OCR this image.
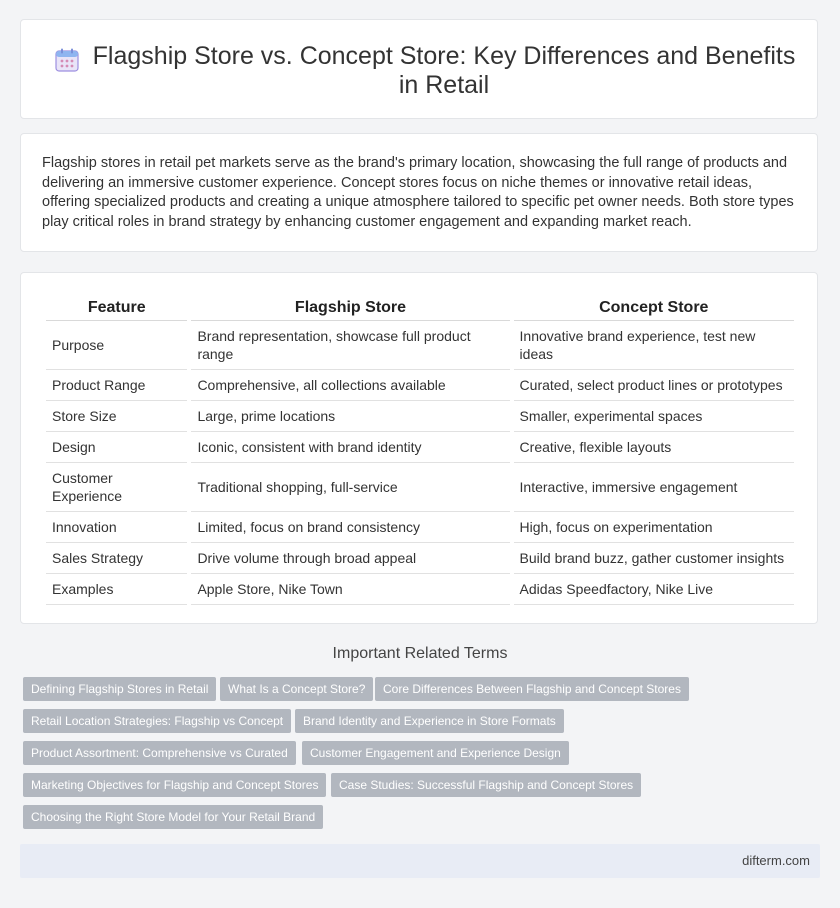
Flagship Store vs. Concept Store: Key Differences and Benefits in Retail

Flagship stores in retail pet markets serve as the brand's primary location, showcasing the full range of products and delivering an immersive customer experience. Concept stores focus on niche themes or innovative retail ideas, offering specialized products and creating a unique atmosphere tailored to specific pet owner needs. Both store types play critical roles in brand strategy by enhancing customer engagement and expanding market reach.

Feature	Flagship Store	Concept Store
Purpose	Brand representation, showcase full product range	Innovative brand experience, test new ideas
Product Range	Comprehensive, all collections available	Curated, select product lines or prototypes
Store Size	Large, prime locations	Smaller, experimental spaces
Design	Iconic, consistent with brand identity	Creative, flexible layouts
Customer Experience	Traditional shopping, full-service	Interactive, immersive engagement
Innovation	Limited, focus on brand consistency	High, focus on experimentation
Sales Strategy	Drive volume through broad appeal	Build brand buzz, gather customer insights
Examples	Apple Store, Nike Town	Adidas Speedfactory, Nike Live
Important Related Terms
Defining Flagship Stores in Retail	What Is a Concept Store?	Core Differences Between Flagship and Concept Stores
Retail Location Strategies: Flagship vs Concept	Brand Identity and Experience in Store Formats
Product Assortment: Comprehensive vs Curated	Customer Engagement and Experience Design
Marketing Objectives for Flagship and Concept Stores	Case Studies: Successful Flagship and Concept Stores
Choosing the Right Store Model for Your Retail Brand
difterm.com
